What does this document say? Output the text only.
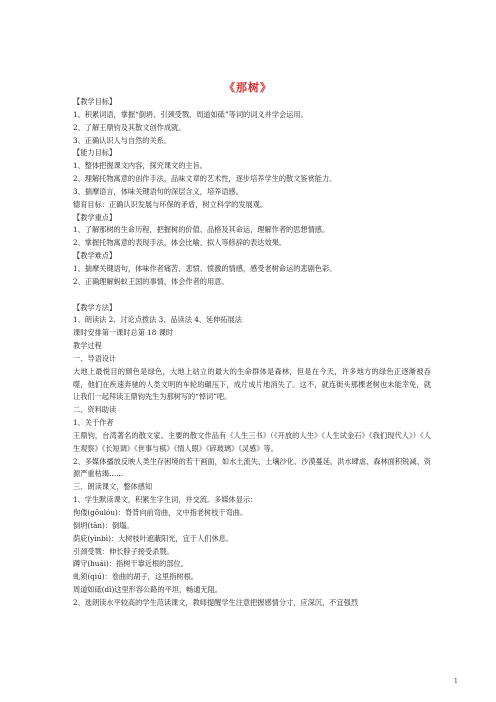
《那树》
【教学目标】
1、积累词语，掌握“倒坍、引颈受戮、周道如砥”等词的词义并学会运用。
2、了解王鼎钧及其散文创作成就。
3、正确认识人与自然的关系。
【能力目标】
1、整体把握课文内容，探究课文的主旨。
2、理解托物寓意的创作手法，品味文章的艺术性，逐步培养学生的散文鉴赏能力。
3、揣摩语言，体味关键语句的深层含义，培养语感。
德育目标：正确认识发展与环保的矛盾，树立科学的发展观。
【教学重点】
1、了解那树的生命历程，把握树的价值、品格及其命运，理解作者的思想情感。
2、掌握托物寓意的表现手法，体会比喻、拟人等修辞的表达效果。
【教学难点】
1、揣摩关键语句，体味作者痛苦、悲愤、愤激的情感，感受老树命运的悲剧色彩。
2、正确理解蚂蚁王国的事情，体会作者的用意。
【教学方法】
1、朗读法 2、讨论点拨法 3、品读法 4、延伸拓展法
课时安排第一课时总第 18 课时
教学过程
一、导语设计
大地上最悦目的颜色是绿色，大地上站立的最大的生命群体是森林，但是在今天，许多地方的绿色正逐渐被吞噬，他们在疾速奔驰的人类文明的车轮的碾压下，成片成片地消失了。这不，就连街头那棵老树也未能幸免，就让我们一起拜读王鼎钧先生为那树写的“悼词”吧。
二、资料助读
1、关于作者
王鼎钧，台湾著名的散文家。主要的散文作品有《人生三书》（《开放的人生》《人生试金石》《我们现代人》）《人生观察》《长短调》《世事与棋》《情人眼》《碎玻璃》《灵感》等。
2、多媒体播放反映人类生存困境的若干画面，如水土流失、土壤沙化、沙漠蔓延、洪水肆虐、森林面积锐减、资源严重枯竭……
三、朗读课文，整体感知
1、学生默读课文，积累生字生词，并交流。多媒体显示：
佝偻(gōulóu)：脊背向前弯曲，文中指老树枝干弯曲。
倒坍(tān)：倒塌。
荫庇(yìnbì)：大树枝叶遮蔽阳光，宜于人们休息。
引颈受戮：伸长脖子接受杀戮。
蹲守(huái)：指树干靠近根的部位。
虬须(qiú)：卷曲的胡子，这里指树根。
周道如砥(dǐ)这里形容公路的平坦，畅通无阻。
2、选朗读水平较高的学生范读课文，教师提醒学生注意把握感情分寸，应深沉，不宜强烈
1
